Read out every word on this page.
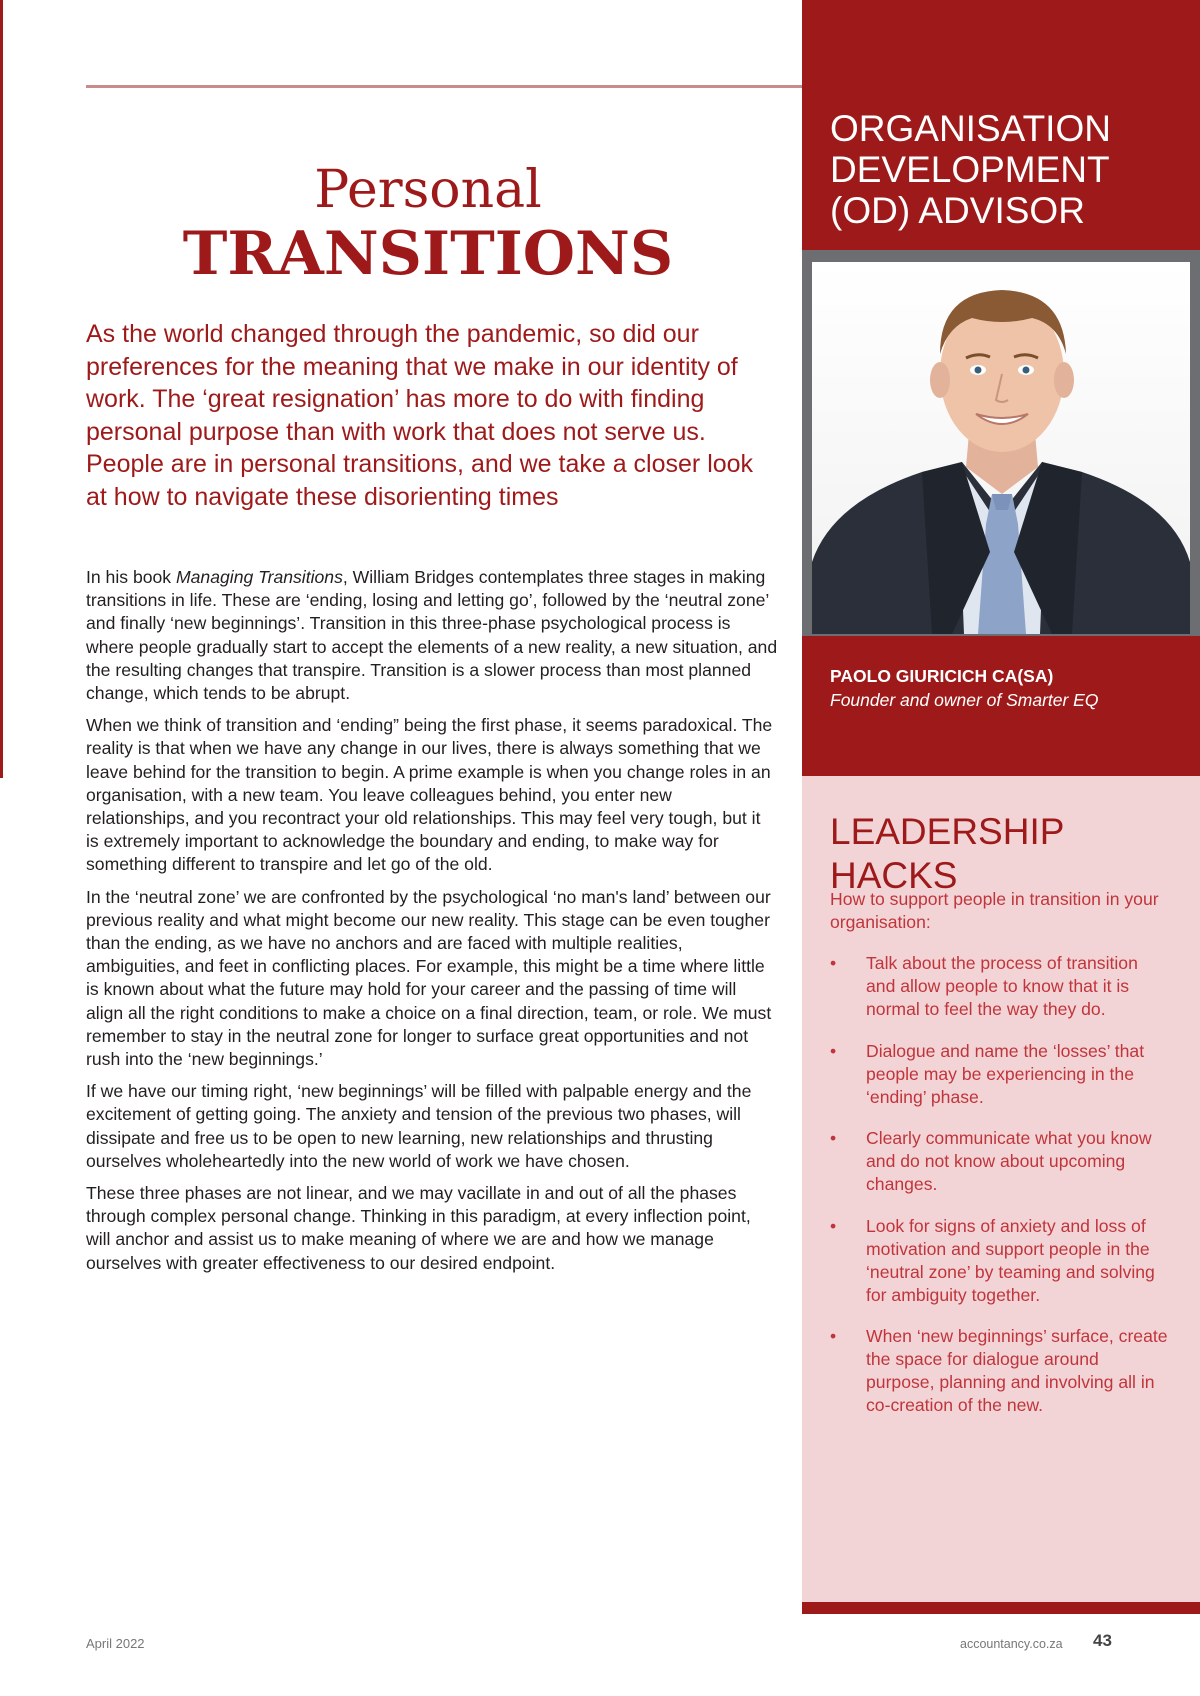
Personal
TRANSITIONS
As the world changed through the pandemic, so did our preferences for the meaning that we make in our identity of work. The ‘great resignation’ has more to do with finding personal purpose than with work that does not serve us. People are in personal transitions, and we take a closer look at how to navigate these disorienting times

In his book Managing Transitions, William Bridges contemplates three stages in making transitions in life. These are ‘ending, losing and letting go’, followed by the ‘neutral zone’ and finally ‘new beginnings’. Transition in this three-phase psychological process is where people gradually start to accept the elements of a new reality, a new situation, and the resulting changes that transpire. Transition is a slower process than most planned change, which tends to be abrupt.

When we think of transition and ‘ending” being the first phase, it seems paradoxical. The reality is that when we have any change in our lives, there is always something that we leave behind for the transition to begin. A prime example is when you change roles in an organisation, with a new team. You leave colleagues behind, you enter new relationships, and you recontract your old relationships. This may feel very tough, but it is extremely important to acknowledge the boundary and ending, to make way for something different to transpire and let go of the old.

In the ‘neutral zone’ we are confronted by the psychological ‘no man's land’ between our previous reality and what might become our new reality. This stage can be even tougher than the ending, as we have no anchors and are faced with multiple realities, ambiguities, and feet in conflicting places. For example, this might be a time where little is known about what the future may hold for your career and the passing of time will align all the right conditions to make a choice on a final direction, team, or role. We must remember to stay in the neutral zone for longer to surface great opportunities and not rush into the ‘new beginnings.’

If we have our timing right, ‘new beginnings’ will be filled with palpable energy and the excitement of getting going. The anxiety and tension of the previous two phases, will dissipate and free us to be open to new learning, new relationships and thrusting ourselves wholeheartedly into the new world of work we have chosen.

These three phases are not linear, and we may vacillate in and out of all the phases through complex personal change. Thinking in this paradigm, at every inflection point, will anchor and assist us to make meaning of where we are and how we manage ourselves with greater effectiveness to our desired endpoint.

ORGANISATION
DEVELOPMENT
(OD) ADVISOR
PAOLO GIURICICH CA(SA)
Founder and owner of Smarter EQ
LEADERSHIP HACKS
How to support people in transition in your organisation:
• Talk about the process of transition and allow people to know that it is normal to feel the way they do.
• Dialogue and name the ‘losses’ that people may be experiencing in the ‘ending’ phase.
• Clearly communicate what you know and do not know about upcoming changes.
• Look for signs of anxiety and loss of motivation and support people in the ‘neutral zone’ by teaming and solving for ambiguity together.
• When ‘new beginnings’ surface, create the space for dialogue around purpose, planning and involving all in co-creation of the new.
April 2022	accountancy.co.za 43
